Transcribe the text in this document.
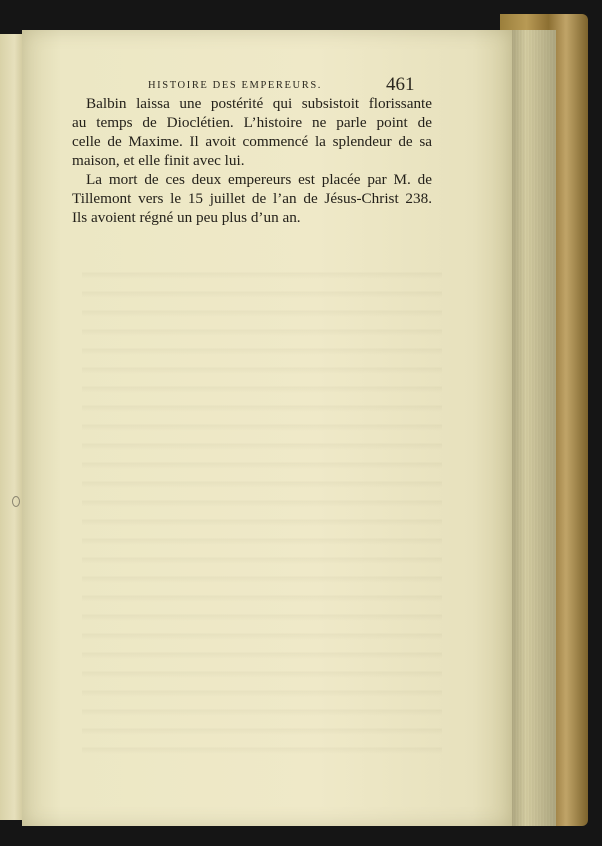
HISTOIRE DES EMPEREURS.	461

Balbin laissa une postérité qui subsistoit florissante
au temps de Dioclétien. L’histoire ne parle point de
celle de Maxime. Il avoit commencé la splendeur de sa
maison, et elle finit avec lui.

La mort de ces deux empereurs est placée par M. de
Tillemont vers le 15 juillet de l’an de Jésus-Christ 238.
Ils avoient régné un peu plus d’un an.
